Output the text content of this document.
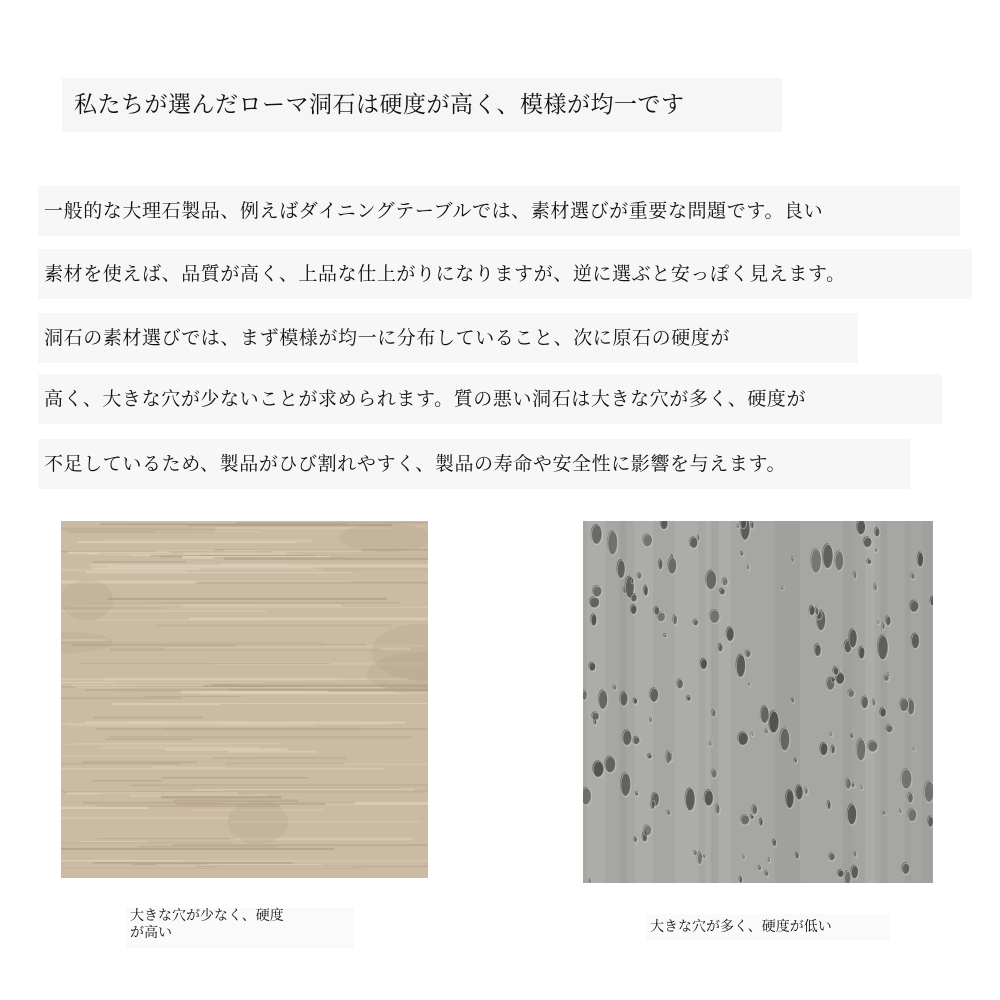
私たちが選んだローマ洞石は硬度が高く、模様が均一です
一般的な大理石製品、例えばダイニングテーブルでは、素材選びが重要な問題です。良い
素材を使えば、品質が高く、上品な仕上がりになりますが、逆に選ぶと安っぽく見えます。
洞石の素材選びでは、まず模様が均一に分布していること、次に原石の硬度が
高く、大きな穴が少ないことが求められます。質の悪い洞石は大きな穴が多く、硬度が
不足しているため、製品がひび割れやすく、製品の寿命や安全性に影響を与えます。
大きな穴が少なく、硬度
が高い	大きな穴が多く、硬度が低い
